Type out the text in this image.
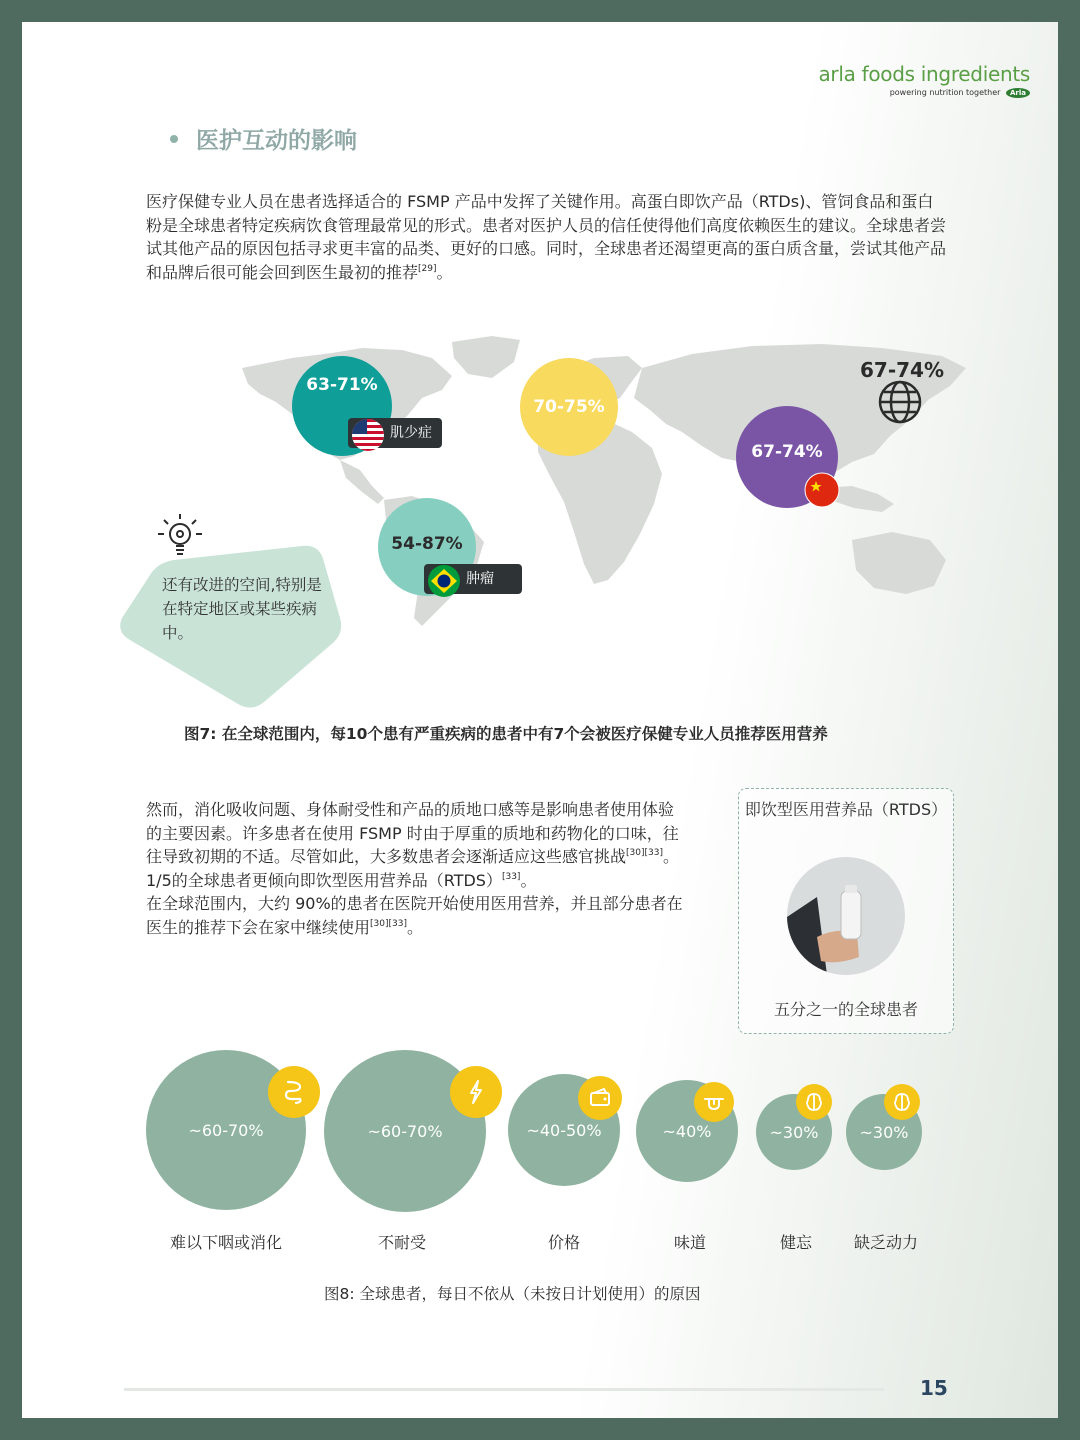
arla foods ingredients
powering nutrition together Arla
医护互动的影响
医疗保健专业人员在患者选择适合的 FSMP 产品中发挥了关键作用。高蛋白即饮产品（RTDs)、管饲食品和蛋白粉是全球患者特定疾病饮食管理最常见的形式。患者对医护人员的信任使得他们高度依赖医生的建议。全球患者尝试其他产品的原因包括寻求更丰富的品类、更好的口感。同时，全球患者还渴望更高的蛋白质含量，尝试其他产品和品牌后很可能会回到医生最初的推荐[29]。
63-71%
肌少症
70-75%
67-74%
67-74%
54-87%
肿瘤
还有改进的空间,特别是在特定地区或某些疾病中。
图7: 在全球范围内，每10个患有严重疾病的患者中有7个会被医疗保健专业人员推荐医用营养
然而，消化吸收问题、身体耐受性和产品的质地口感等是影响患者使用体验的主要因素。许多患者在使用 FSMP 时由于厚重的质地和药物化的口味，往往导致初期的不适。尽管如此，大多数患者会逐渐适应这些感官挑战[30][33]。1/5的全球患者更倾向即饮型医用营养品（RTDS）[33]。
在全球范围内，大约 90%的患者在医院开始使用医用营养，并且部分患者在医生的推荐下会在家中继续使用[30][33]。
即饮型医用营养品（RTDS）
五分之一的全球患者
~60-70%
难以下咽或消化
~60-70%
不耐受
~40-50%
价格
~40%
味道
~30%
健忘
~30%
缺乏动力
图8: 全球患者，每日不依从（未按日计划使用）的原因
15
